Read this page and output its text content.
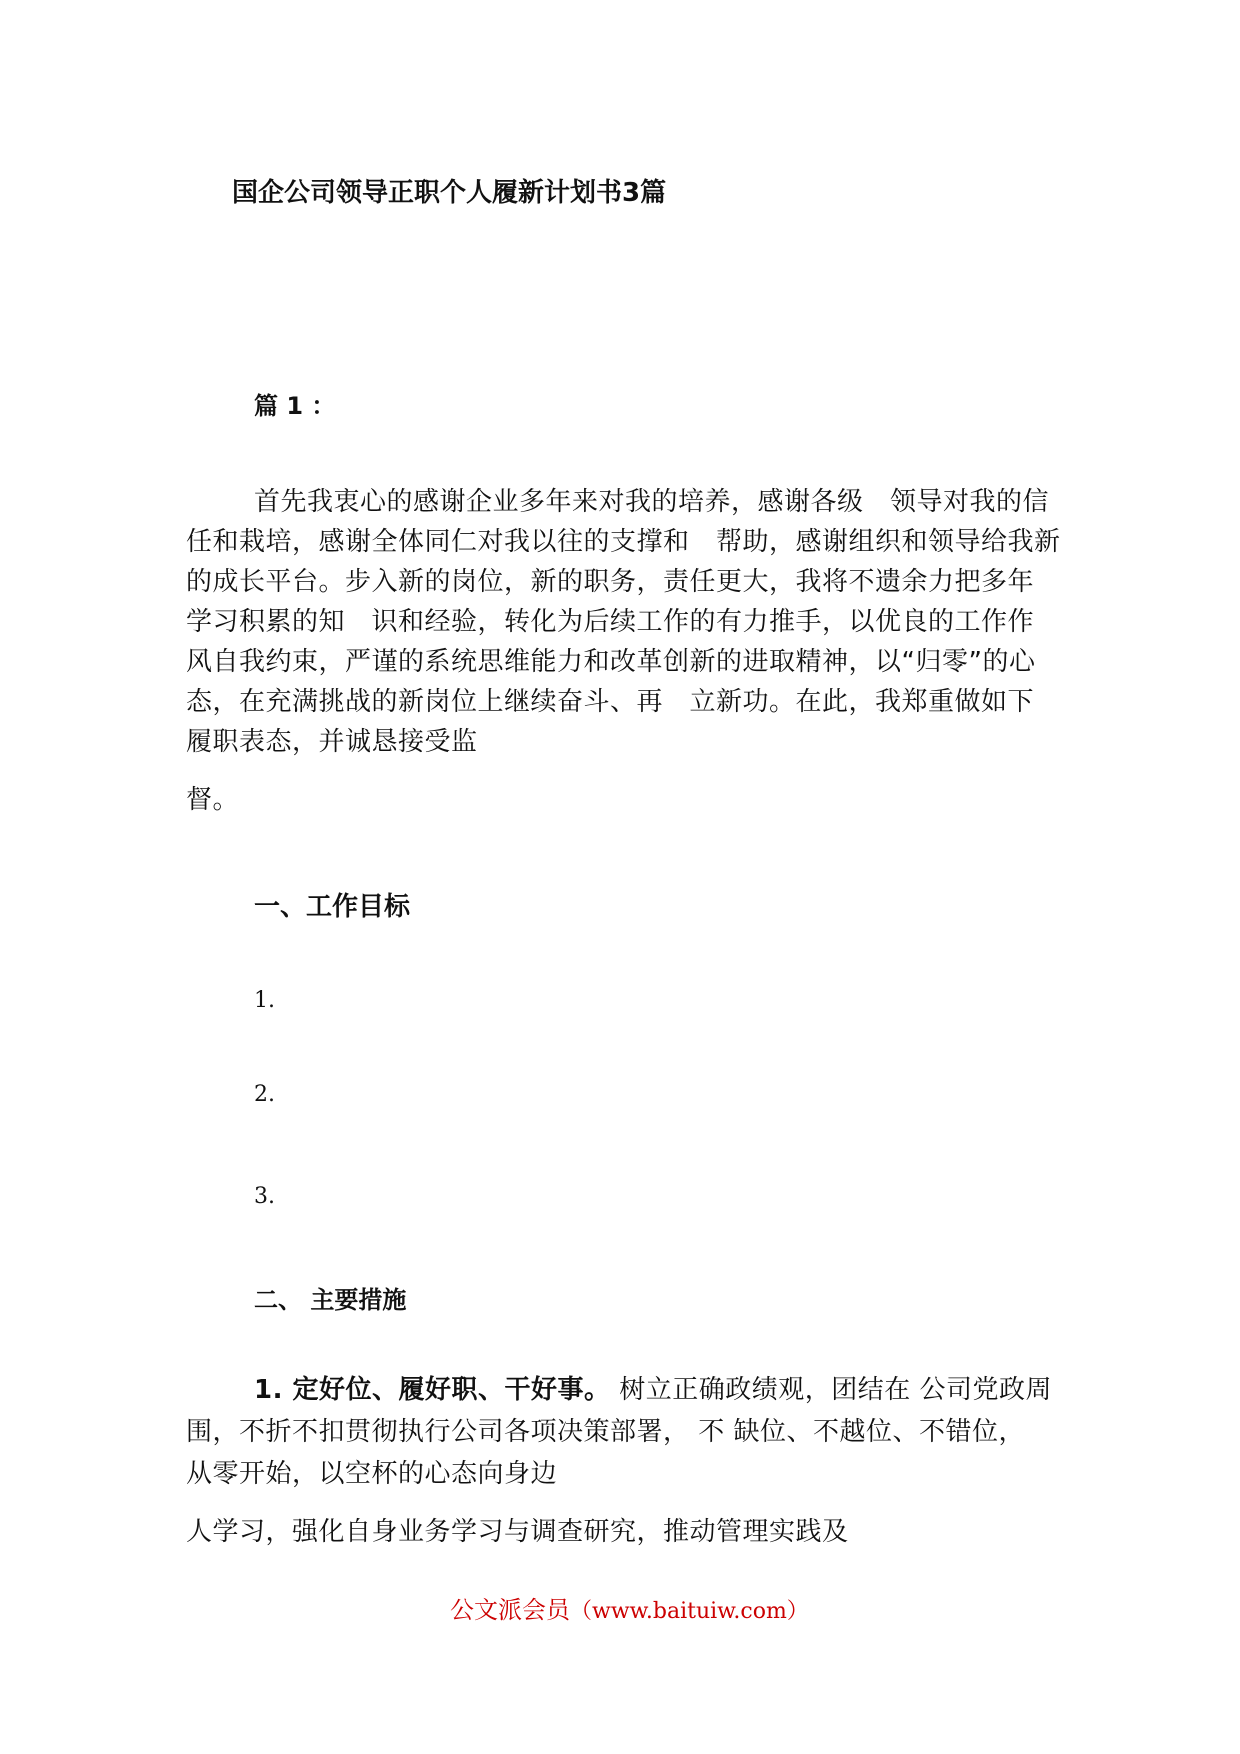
国企公司领导正职个人履新计划书3篇
篇 1 ：

首先我衷心的感谢企业多年来对我的培养，感谢各级　领导对我的信

任和栽培，感谢全体同仁对我以往的支撑和　帮助，感谢组织和领导给我新

的成长平台。步入新的岗位，新的职务，责任更大，我将不遗余力把多年

学习积累的知　识和经验，转化为后续工作的有力推手，以优良的工作作

风自我约束，严谨的系统思维能力和改革创新的进取精神，以“归零”的心

态，在充满挑战的新岗位上继续奋斗、再　立新功。在此，我郑重做如下

履职表态，并诚恳接受监

督。

一、工作目标
1.
2.
3.
二、 主要措施

1. 定好位、履好职、干好事。 树立正确政绩观，团结在 公司党政周

围，不折不扣贯彻执行公司各项决策部署， 不 缺位、不越位、不错位，

从零开始，以空杯的心态向身边

人学习，强化自身业务学习与调查研究，推动管理实践及

公文派会员（www.baituiw.com）
